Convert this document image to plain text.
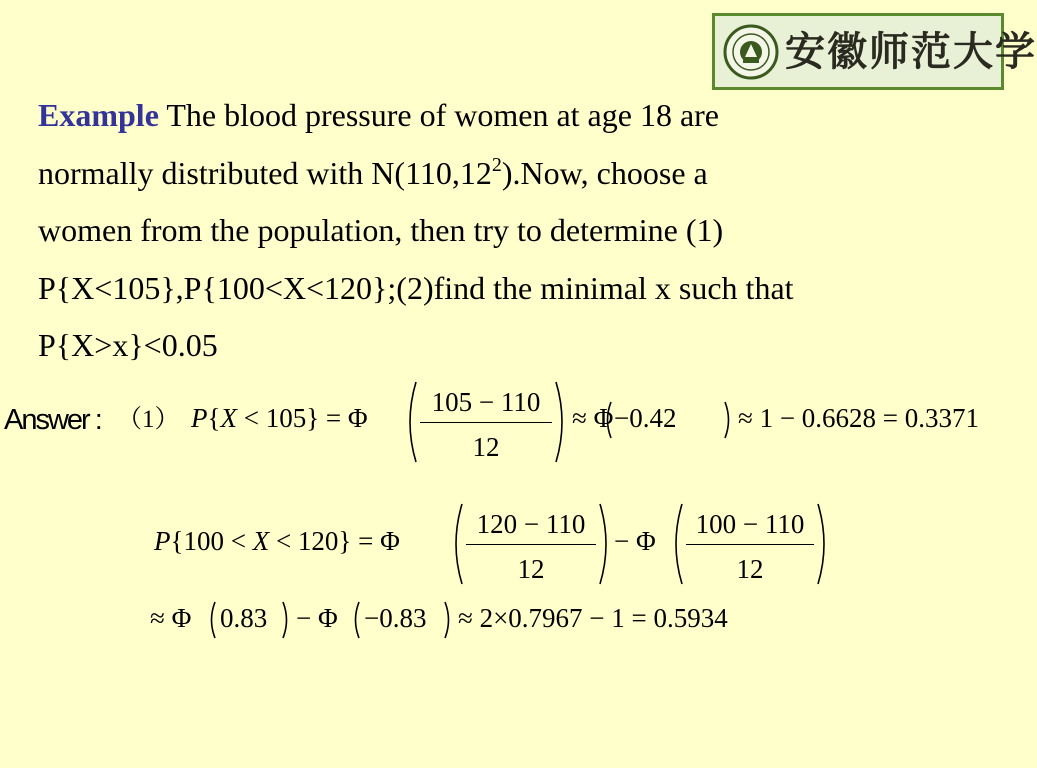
安徽师范大学
Example The blood pressure of women at age 18 are
normally distributed with N(110,12$^2$).Now, choose a
women from the population, then try to determine (1)
P{X<105},P{100<X<120};(2)find the minimal x such that
P{X>x}<0.05
Answer : （1） P{X < 105} = Φ
105 − 110
12
≈ Φ −0.42 ≈ 1 − 0.6628 = 0.3371
P{100 < X < 120} = Φ
120 − 110
12
− Φ
100 − 110
12
≈ Φ 0.83 − Φ −0.83 ≈ 2×0.7967 − 1 = 0.5934
